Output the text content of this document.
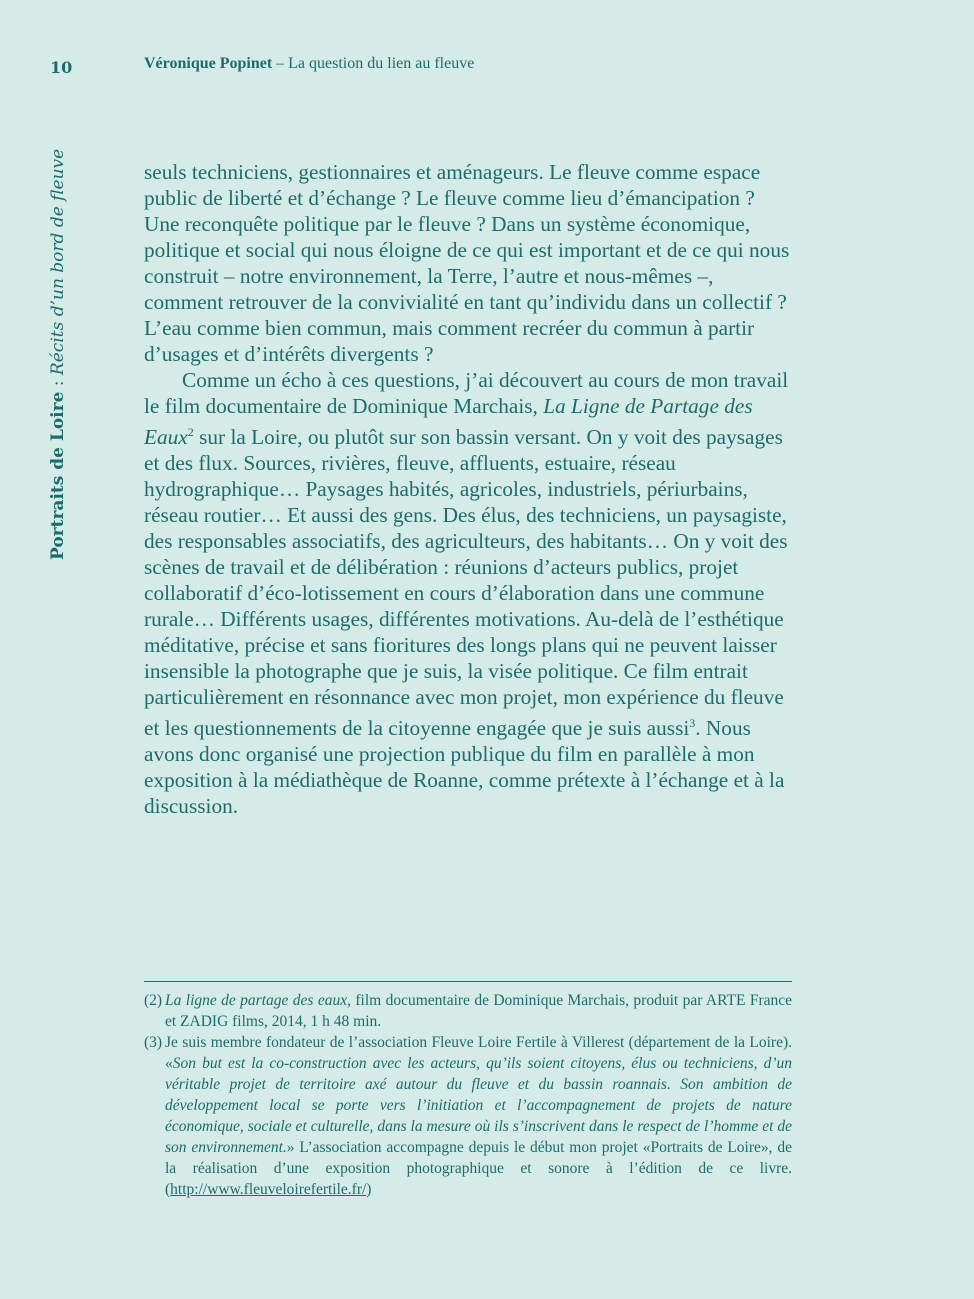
10	Véronique Popinet – La question du lien au fleuve
Portraits de Loire : Récits d’un bord de fleuve	seuls techniciens, gestionnaires et aménageurs. Le fleuve comme espace public de liberté et d’échange ? Le fleuve comme lieu d’émancipation ? Une reconquête politique par le fleuve ? Dans un système économique, politique et social qui nous éloigne de ce qui est important et de ce qui nous construit – notre environnement, la Terre, l’autre et nous-mêmes –, comment retrouver de la convivialité en tant qu’individu dans un collectif ? L’eau comme bien commun, mais comment recréer du commun à partir d’usages et d’intérêts divergents ?

Comme un écho à ces questions, j’ai découvert au cours de mon travail le film documentaire de Dominique Marchais, La Ligne de Partage des Eaux$^2$ sur la Loire, ou plutôt sur son bassin versant. On y voit des paysages et des flux. Sources, rivières, fleuve, affluents, estuaire, réseau hydrographique… Paysages habités, agricoles, industriels, périurbains, réseau routier… Et aussi des gens. Des élus, des techniciens, un paysagiste, des responsables associatifs, des agriculteurs, des habitants… On y voit des scènes de travail et de délibération : réunions d’acteurs publics, projet collaboratif d’éco-lotissement en cours d’élaboration dans une commune rurale… Différents usages, différentes motivations. Au-delà de l’esthétique méditative, précise et sans fioritures des longs plans qui ne peuvent laisser insensible la photographe que je suis, la visée politique. Ce film entrait particulièrement en résonnance avec mon projet, mon expérience du fleuve et les questionnements de la citoyenne engagée que je suis aussi$^3$. Nous avons donc organisé une projection publique du film en parallèle à mon exposition à la médiathèque de Roanne, comme prétexte à l’échange et à la discussion.

(2) La ligne de partage des eaux, film documentaire de Dominique Marchais, produit par ARTE France et ZADIG films, 2014, 1 h 48 min.

(3) Je suis membre fondateur de l’association Fleuve Loire Fertile à Villerest (département de la Loire). «Son but est la co-construction avec les acteurs, qu’ils soient citoyens, élus ou techniciens, d’un véritable projet de territoire axé autour du fleuve et du bassin roannais. Son ambition de développement local se porte vers l’initiation et l’accompagnement de projets de nature économique, sociale et culturelle, dans la mesure où ils s’inscrivent dans le respect de l’homme et de son environnement.» L’association accompagne depuis le début mon projet «Portraits de Loire», de la réalisation d’une exposition photographique et sonore à l’édition de ce livre. (http://www.fleuveloirefertile.fr/)
